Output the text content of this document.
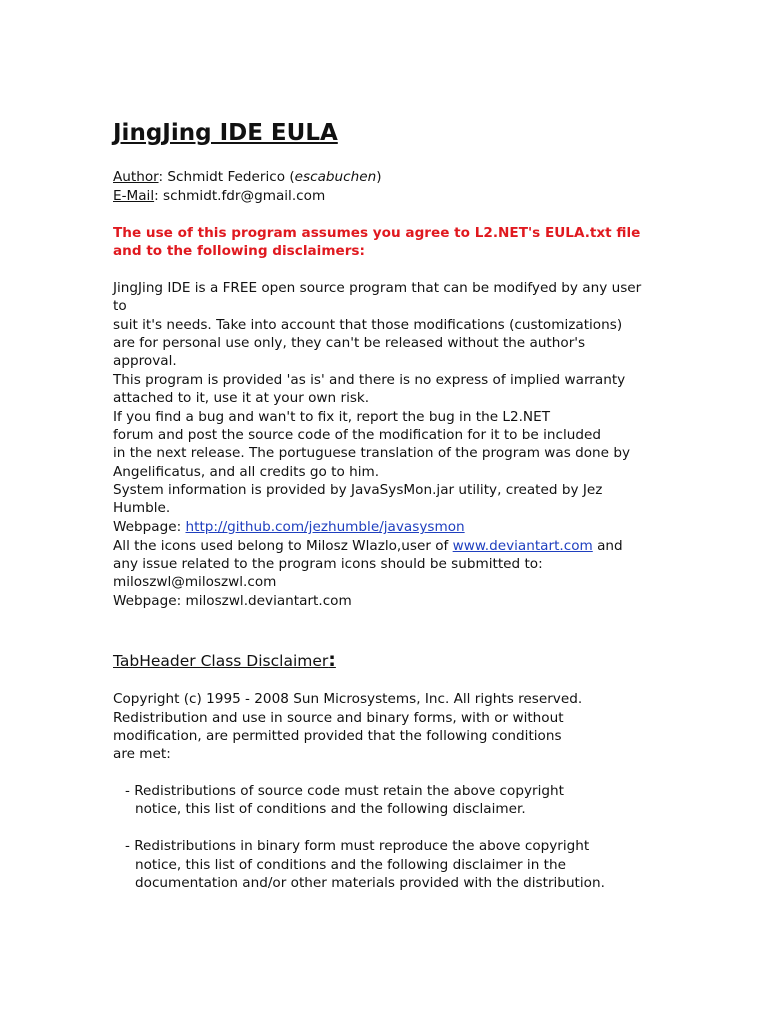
JingJing IDE EULA
Author: Schmidt Federico (escabuchen)
E-Mail: schmidt.fdr@gmail.com
The use of this program assumes you agree to L2.NET's EULA.txt file
and to the following disclaimers:
JingJing IDE is a FREE open source program that can be modifyed by any user
to
suit it's needs. Take into account that those modifications (customizations)
are for personal use only, they can't be released without the author's
approval.
This program is provided 'as is' and there is no express of implied warranty
attached to it, use it at your own risk.
If you find a bug and wan't to fix it, report the bug in the L2.NET
forum and post the source code of the modification for it to be included
in the next release. The portuguese translation of the program was done by
Angelificatus, and all credits go to him.
System information is provided by JavaSysMon.jar utility, created by Jez
Humble.
Webpage: http://github.com/jezhumble/javasysmon
All the icons used belong to Milosz Wlazlo,user of www.deviantart.com and
any issue related to the program icons should be submitted to:
miloszwl@miloszwl.com
Webpage: miloszwl.deviantart.com
TabHeader Class Disclaimer:
Copyright (c) 1995 - 2008 Sun Microsystems, Inc. All rights reserved.
Redistribution and use in source and binary forms, with or without
modification, are permitted provided that the following conditions
are met:
- Redistributions of source code must retain the above copyright
notice, this list of conditions and the following disclaimer.
- Redistributions in binary form must reproduce the above copyright
notice, this list of conditions and the following disclaimer in the
documentation and/or other materials provided with the distribution.
